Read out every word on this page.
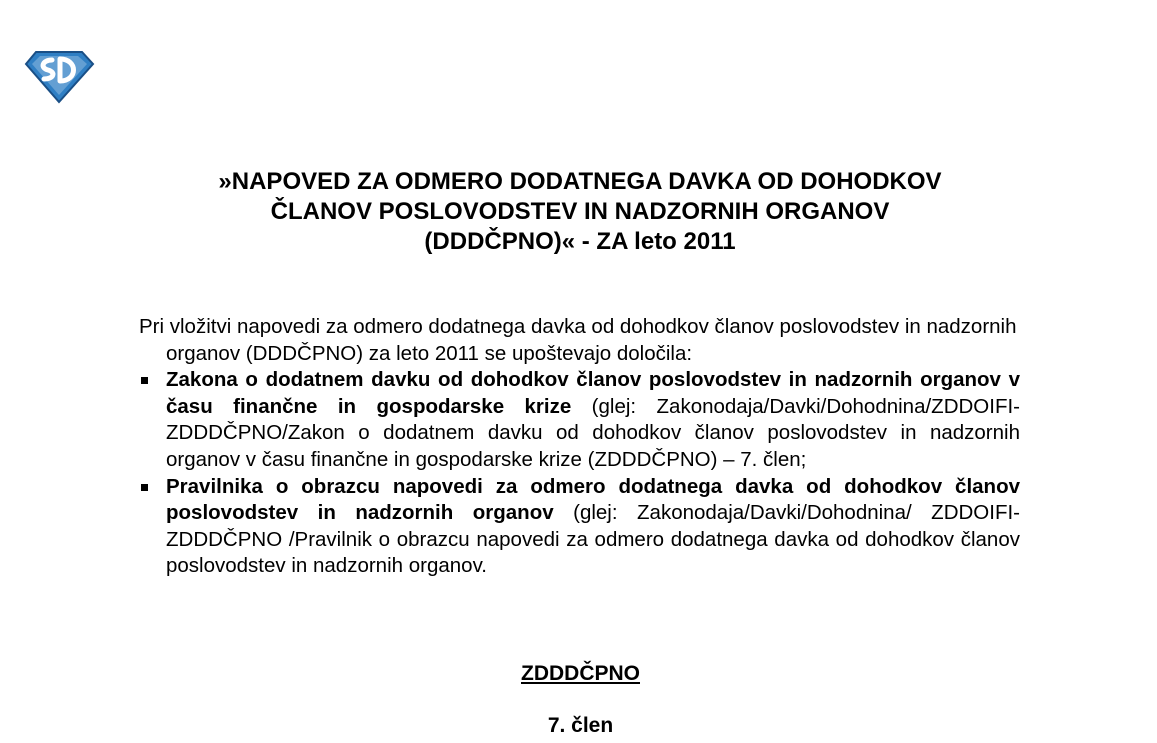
»NAPOVED ZA ODMERO DODATNEGA DAVKA OD DOHODKOV
ČLANOV POSLOVODSTEV IN NADZORNIH ORGANOV
(DDDČPNO)« - ZA leto 2011

Pri vložitvi napovedi za odmero dodatnega davka od dohodkov članov poslovodstev in nadzornih organov (DDDČPNO) za leto 2011 se upoštevajo določila:

Zakona o dodatnem davku od dohodkov članov poslovodstev in nadzornih organov v času finančne in gospodarske krize (glej: Zakonodaja/Davki/Dohodnina/ZDDOIFI-ZDDDČPNO/Zakon o dodatnem davku od dohodkov članov poslovodstev in nadzornih organov v času finančne in gospodarske krize (ZDDDČPNO) – 7. člen;
Pravilnika o obrazcu napovedi za odmero dodatnega davka od dohodkov članov poslovodstev in nadzornih organov (glej: Zakonodaja/Davki/Dohodnina/ ZDDOIFI-ZDDDČPNO /Pravilnik o obrazcu napovedi za odmero dodatnega davka od dohodkov članov poslovodstev in nadzornih organov.
ZDDDČPNO
7. člen
